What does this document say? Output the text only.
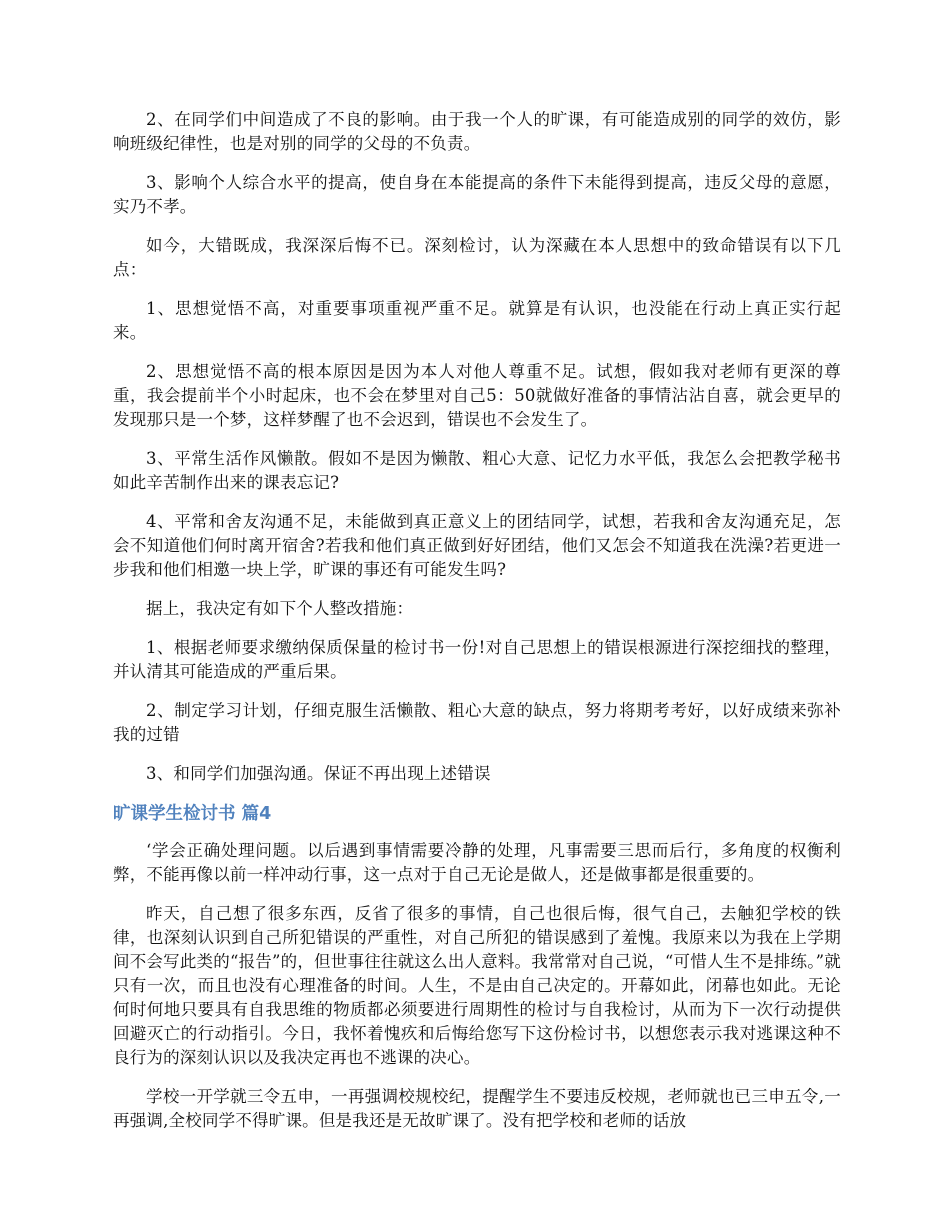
2、在同学们中间造成了不良的影响。由于我一个人的旷课，有可能造成别的同学的效仿，影响班级纪律性，也是对别的同学的父母的不负责。

3、影响个人综合水平的提高，使自身在本能提高的条件下未能得到提高，违反父母的意愿，实乃不孝。

如今，大错既成，我深深后悔不已。深刻检讨，认为深藏在本人思想中的致命错误有以下几点：

1、思想觉悟不高，对重要事项重视严重不足。就算是有认识，也没能在行动上真正实行起来。

2、思想觉悟不高的根本原因是因为本人对他人尊重不足。试想，假如我对老师有更深的尊重，我会提前半个小时起床，也不会在梦里对自己5：50就做好准备的事情沾沾自喜，就会更早的发现那只是一个梦，这样梦醒了也不会迟到，错误也不会发生了。

3、平常生活作风懒散。假如不是因为懒散、粗心大意、记忆力水平低，我怎么会把教学秘书如此辛苦制作出来的课表忘记?

4、平常和舍友沟通不足，未能做到真正意义上的团结同学，试想，若我和舍友沟通充足，怎会不知道他们何时离开宿舍?若我和他们真正做到好好团结，他们又怎会不知道我在洗澡?若更进一步我和他们相邀一块上学，旷课的事还有可能发生吗?

据上，我决定有如下个人整改措施：

1、根据老师要求缴纳保质保量的检讨书一份!对自己思想上的错误根源进行深挖细找的整理，并认清其可能造成的严重后果。

2、制定学习计划，仔细克服生活懒散、粗心大意的缺点，努力将期考考好，以好成绩来弥补我的过错

3、和同学们加强沟通。保证不再出现上述错误

旷课学生检讨书 篇4

‘学会正确处理问题。以后遇到事情需要冷静的处理，凡事需要三思而后行，多角度的权衡利弊，不能再像以前一样冲动行事，这一点对于自己无论是做人，还是做事都是很重要的。

昨天，自己想了很多东西，反省了很多的事情，自己也很后悔，很气自己，去触犯学校的铁律，也深刻认识到自己所犯错误的严重性，对自己所犯的错误感到了羞愧。我原来以为我在上学期间不会写此类的“报告”的，但世事往往就这么出人意料。我常常对自己说，“可惜人生不是排练。”就只有一次，而且也没有心理准备的时间。人生，不是由自己决定的。开幕如此，闭幕也如此。无论何时何地只要具有自我思维的物质都必须要进行周期性的检讨与自我检讨，从而为下一次行动提供回避灭亡的行动指引。今日，我怀着愧疚和后悔给您写下这份检讨书，以想您表示我对逃课这种不良行为的深刻认识以及我决定再也不逃课的决心。

学校一开学就三令五申，一再强调校规校纪，提醒学生不要违反校规，老师就也已三申五令,一再强调,全校同学不得旷课。但是我还是无故旷课了。没有把学校和老师的话放
